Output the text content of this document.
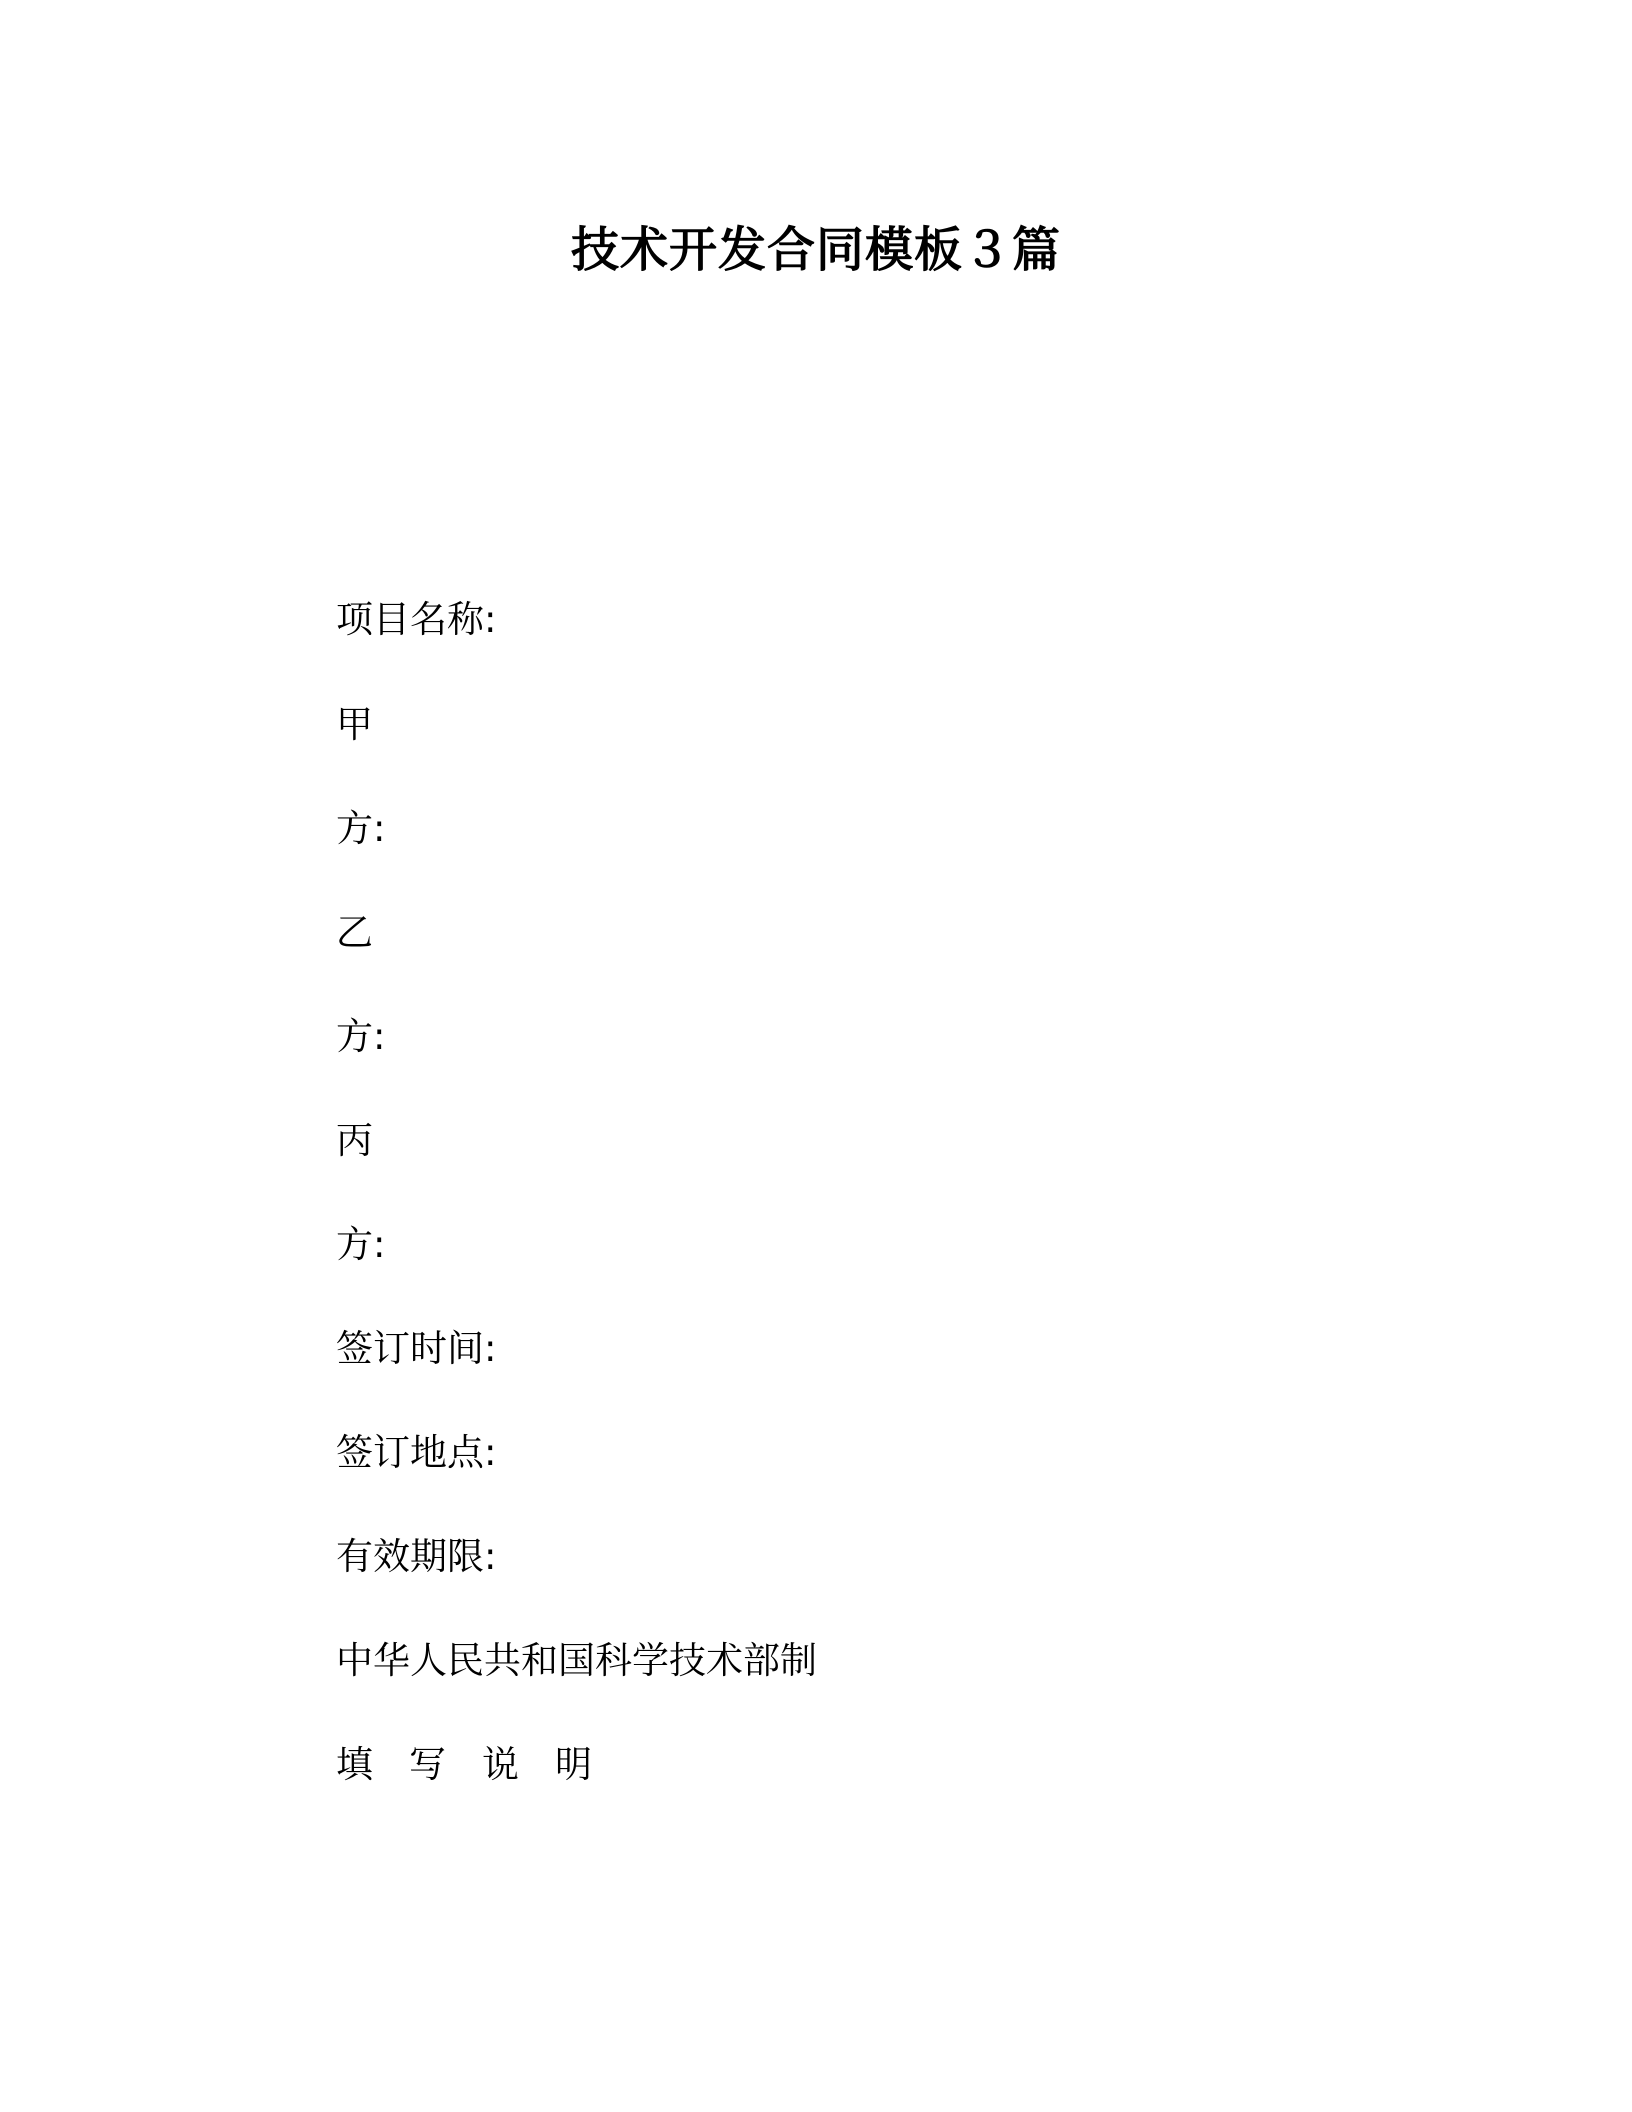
技术开发合同模板３篇
项目名称:
甲
方:
乙
方:
丙
方:
签订时间:
签订地点:
有效期限:
中华人民共和国科学技术部制
填写说明
